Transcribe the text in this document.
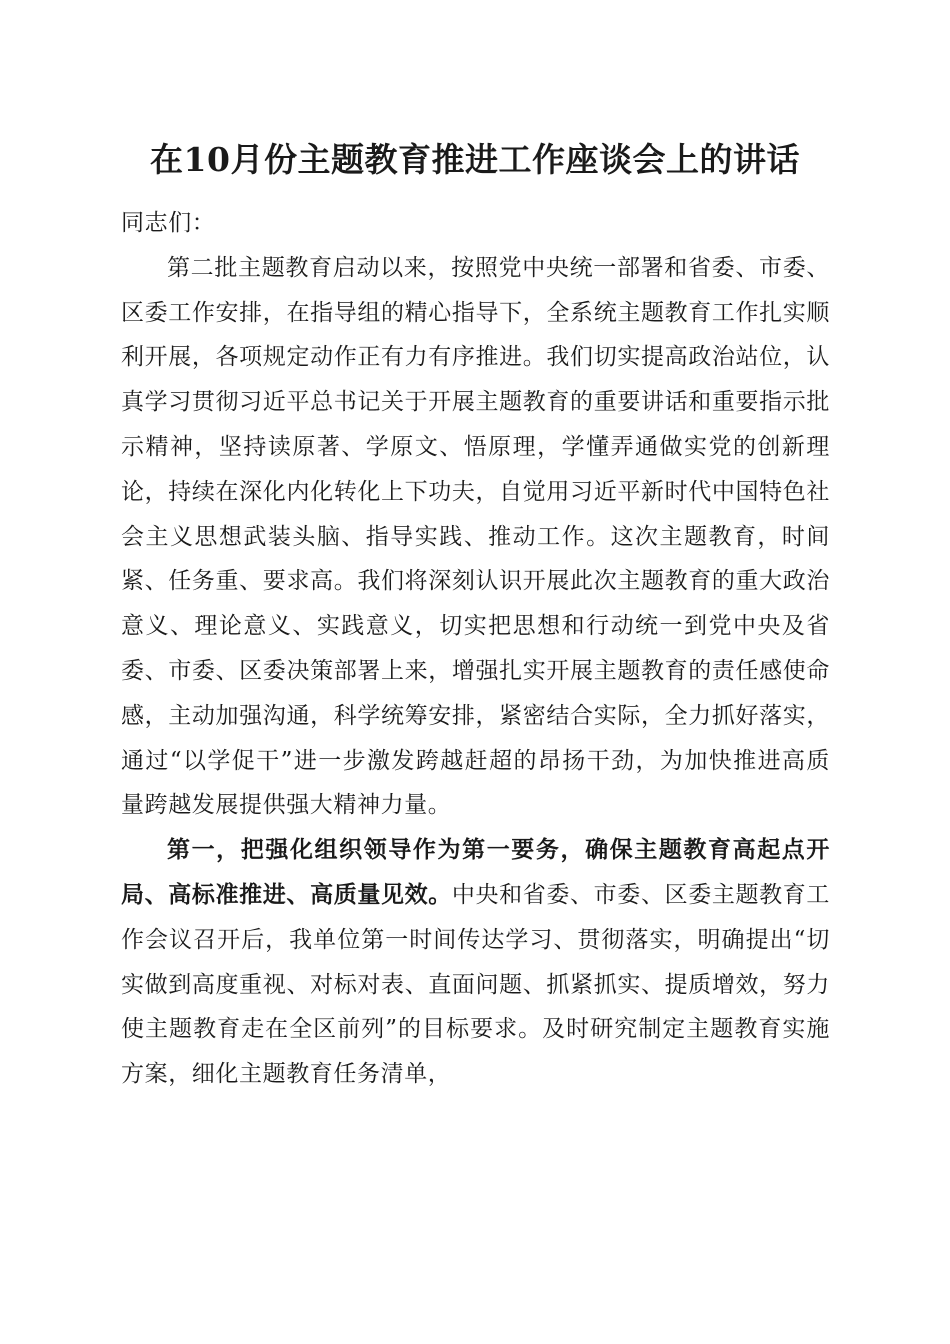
在10月份主题教育推进工作座谈会上的讲话

同志们：

第二批主题教育启动以来，按照党中央统一部署和省委、市委、区委工作安排，在指导组的精心指导下，全系统主题教育工作扎实顺利开展，各项规定动作正有力有序推进。我们切实提高政治站位，认真学习贯彻习近平总书记关于开展主题教育的重要讲话和重要指示批示精神，坚持读原著、学原文、悟原理，学懂弄通做实党的创新理论，持续在深化内化转化上下功夫，自觉用习近平新时代中国特色社会主义思想武装头脑、指导实践、推动工作。这次主题教育，时间紧、任务重、要求高。我们将深刻认识开展此次主题教育的重大政治意义、理论意义、实践意义，切实把思想和行动统一到党中央及省委、市委、区委决策部署上来，增强扎实开展主题教育的责任感使命感，主动加强沟通，科学统筹安排，紧密结合实际，全力抓好落实，通过“以学促干”进一步激发跨越赶超的昂扬干劲，为加快推进高质量跨越发展提供强大精神力量。

第一，把强化组织领导作为第一要务，确保主题教育高起点开局、高标准推进、高质量见效。中央和省委、市委、区委主题教育工作会议召开后，我单位第一时间传达学习、贯彻落实，明确提出“切实做到高度重视、对标对表、直面问题、抓紧抓实、提质增效，努力使主题教育走在全区前列”的目标要求。及时研究制定主题教育实施方案，细化主题教育任务清单，
